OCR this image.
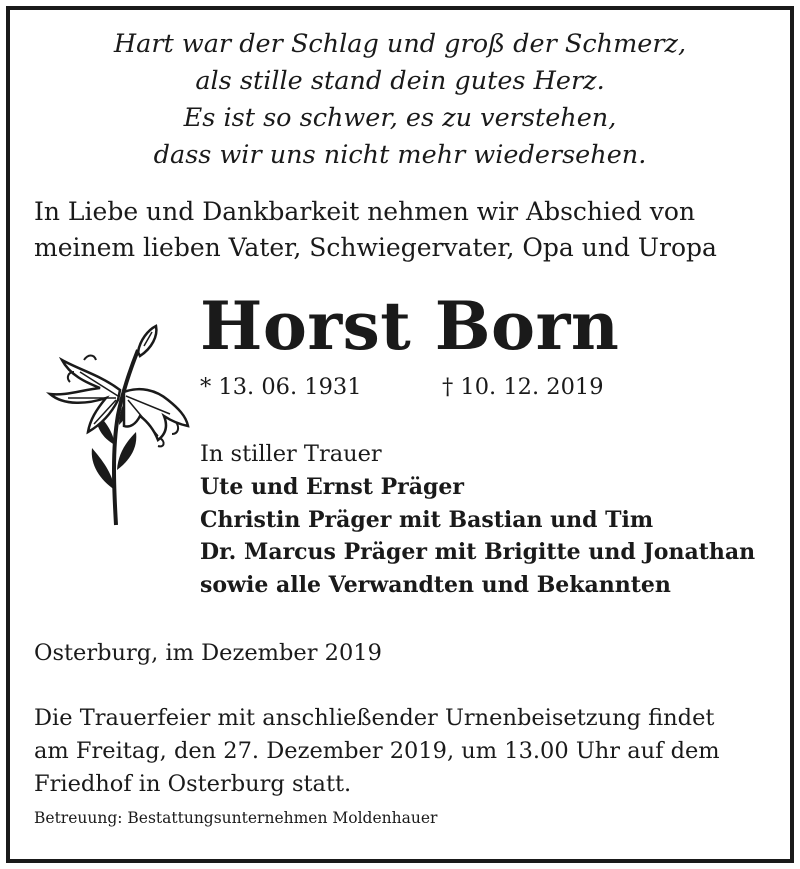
Hart war der Schlag und groß der Schmerz,
als stille stand dein gutes Herz.
Es ist so schwer, es zu verstehen,
dass wir uns nicht mehr wiedersehen.
In Liebe und Dankbarkeit nehmen wir Abschied von
meinem lieben Vater, Schwiegervater, Opa und Uropa
Horst Born
* 13. 06. 1931	† 10. 12. 2019
In stiller Trauer
Ute und Ernst Präger
Christin Präger mit Bastian und Tim
Dr. Marcus Präger mit Brigitte und Jonathan
sowie alle Verwandten und Bekannten
Osterburg, im Dezember 2019
Die Trauerfeier mit anschließender Urnenbeisetzung findet
am Freitag, den 27. Dezember 2019, um 13.00 Uhr auf dem
Friedhof in Osterburg statt.
Betreuung: Bestattungsunternehmen Moldenhauer
